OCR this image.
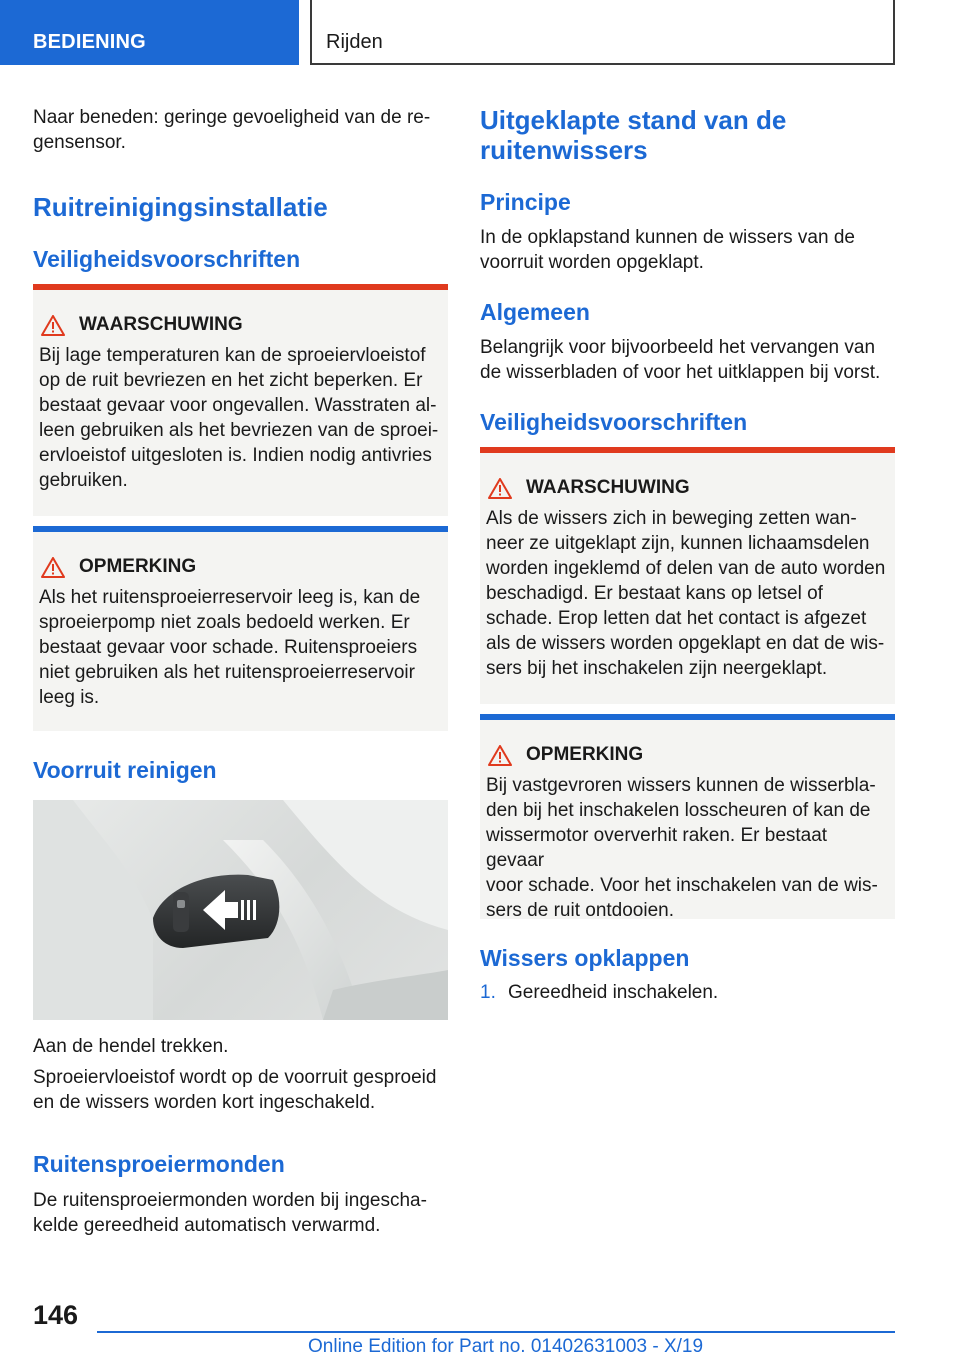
BEDIENING	Rijden
Naar beneden: geringe gevoeligheid van de re-gensensor.
Ruitreinigingsinstallatie
Veiligheidsvoorschriften
WAARSCHUWING
Bij lage temperaturen kan de sproeiervloeistof
op de ruit bevriezen en het zicht beperken. Er
bestaat gevaar voor ongevallen. Wasstraten al-
leen gebruiken als het bevriezen van de sproei-
ervloeistof uitgesloten is. Indien nodig antivries
gebruiken.
OPMERKING
Als het ruitensproeierreservoir leeg is, kan de
sproeierpomp niet zoals bedoeld werken. Er
bestaat gevaar voor schade. Ruitensproeiers
niet gebruiken als het ruitensproeierreservoir
leeg is.
Voorruit reinigen
Aan de hendel trekken.
Sproeiervloeistof wordt op de voorruit gesproeid
en de wissers worden kort ingeschakeld.
Ruitensproeiermonden
De ruitensproeiermonden worden bij ingescha-
kelde gereedheid automatisch verwarmd.
Uitgeklapte stand van de
ruitenwissers
Principe
In de opklapstand kunnen de wissers van de
voorruit worden opgeklapt.
Algemeen
Belangrijk voor bijvoorbeeld het vervangen van
de wisserbladen of voor het uitklappen bij vorst.
Veiligheidsvoorschriften
WAARSCHUWING
Als de wissers zich in beweging zetten wan-
neer ze uitgeklapt zijn, kunnen lichaamsdelen
worden ingeklemd of delen van de auto worden
beschadigd. Er bestaat kans op letsel of
schade. Erop letten dat het contact is afgezet
als de wissers worden opgeklapt en dat de wis-
sers bij het inschakelen zijn neergeklapt.
OPMERKING
Bij vastgevroren wissers kunnen de wisserbla-
den bij het inschakelen losscheuren of kan de
wissermotor oververhit raken. Er bestaat gevaar
voor schade. Voor het inschakelen van de wis-
sers de ruit ontdooien.
Wissers opklappen
1. Gereedheid inschakelen.
146
Online Edition for Part no. 01402631003 - X/19
